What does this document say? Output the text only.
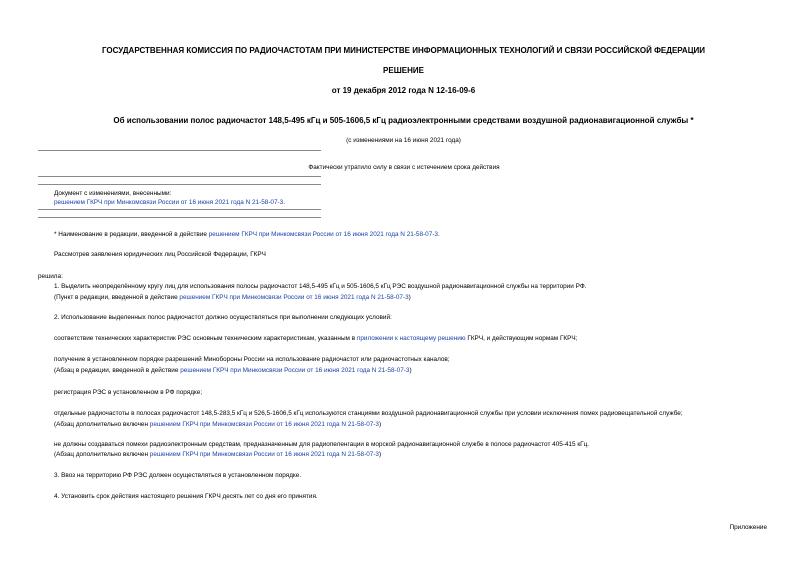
ГОСУДАРСТВЕННАЯ КОМИССИЯ ПО РАДИОЧАСТОТАМ ПРИ МИНИСТЕРСТВЕ ИНФОРМАЦИОННЫХ ТЕХНОЛОГИЙ И СВЯЗИ РОССИЙСКОЙ ФЕДЕРАЦИИ
РЕШЕНИЕ
от 19 декабря 2012 года N 12-16-09-6
Об использовании полос радиочастот 148,5-495 кГц и 505-1606,5 кГц радиоэлектронными средствами воздушной радионавигационной службы *
(с изменениями на 16 июня 2021 года)
Фактически утратило силу в связи с истечением срока действия
Документ с изменениями, внесенными:
решением ГКРЧ при Минкомсвязи России от 16 июня 2021 года N 21-58-07-3.
* Наименование в редакции, введенной в действие решением ГКРЧ при Минкомсвязи России от 16 июня 2021 года N 21-58-07-3.
Рассмотрев заявления юридических лиц Российской Федерации, ГКРЧ
решила:
1. Выделить неопределённому кругу лиц для использования полосы радиочастот 148,5-495 кГц и 505-1606,5 кГц РЭС воздушной радионавигационной службы на территории РФ.
(Пункт в редакции, введенной в действие решением ГКРЧ при Минкомсвязи России от 16 июня 2021 года N 21-58-07-3)
2. Использование выделенных полос радиочастот должно осуществляться при выполнении следующих условий:
соответствие технических характеристик РЭС основным техническим характеристикам, указанным в приложении к настоящему решению ГКРЧ, и действующим нормам ГКРЧ;
получение в установленном порядке разрешений Минобороны России на использование радиочастот или радиочастотных каналов;
(Абзац в редакции, введенной в действие решением ГКРЧ при Минкомсвязи России от 16 июня 2021 года N 21-58-07-3)
регистрация РЭС в установленном в РФ порядке;
отдельные радиочастоты в полосах радиочастот 148,5-283,5 кГц и 526,5-1606,5 кГц используются станциями воздушной радионавигационной службы при условии исключения помех радиовещательной службе;
(Абзац дополнительно включен решением ГКРЧ при Минкомсвязи России от 16 июня 2021 года N 21-58-07-3)
не должны создаваться помехи радиоэлектронным средствам, предназначенным для радиопеленгации в морской радионавигационной службе в полосе радиочастот 405-415 кГц.
(Абзац дополнительно включен решением ГКРЧ при Минкомсвязи России от 16 июня 2021 года N 21-58-07-3)
3. Ввоз на территорию РФ РЭС должен осуществляться в установленном порядке.
4. Установить срок действия настоящего решения ГКРЧ десять лет со дня его принятия.
Приложение
